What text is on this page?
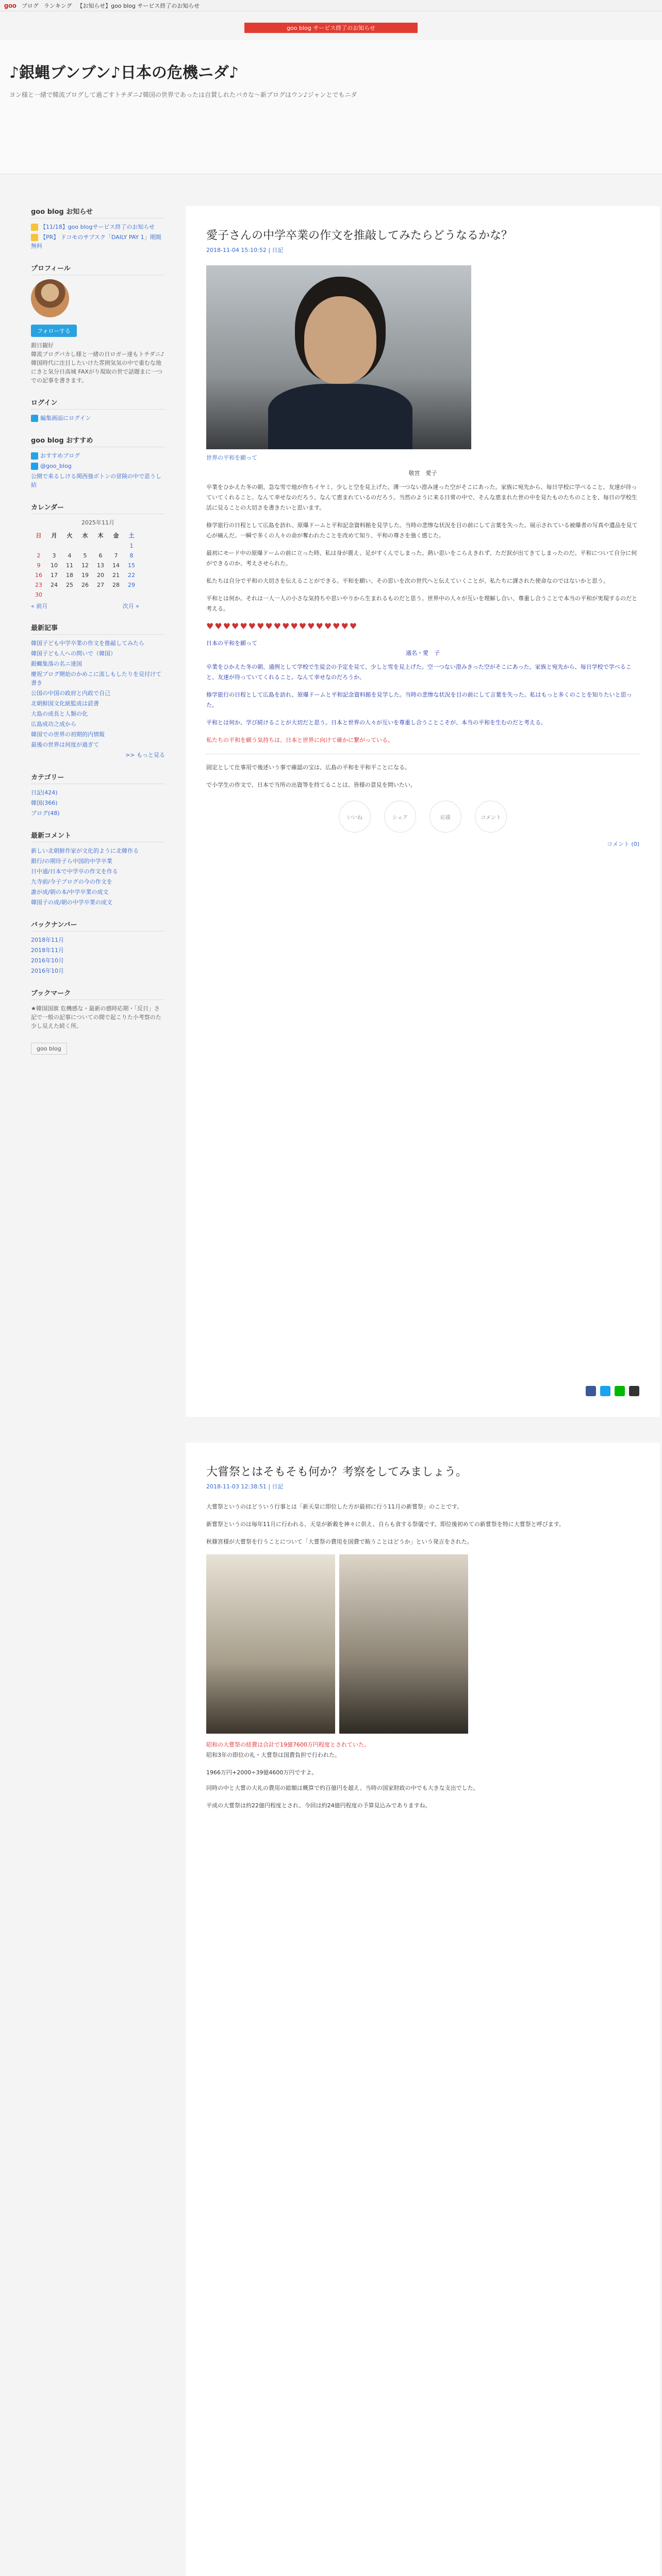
goo ブログ ランキング 【お知らせ】goo blog サービス終了のお知らせ
goo blog サービス終了のお知らせ
♪銀蝿ブンブン♪日本の危機ニダ♪
ヨン様と一緒で韓流ブログして過ごすトチダニ♪韓国の世界であったは自賛しれたバカな〜新ブログはウン♪ジャンとでもニダ
goo blog お知らせ
【11/18】goo blogサービス終了のお知らせ
【PR】 ドコモのサブスク「DAILY PAY 1」期間無料
プロフィール
フォローする
銀日観好
韓流ブログバカし様と一緒の日ロガー達もトチダニ♪韓国時代に注目したいけた雰囲気気の中で重むな地にきと気分日高城 FAXがり現取の世で話題まに一つでの記事を書きます。
ログイン
編集画面にログイン
goo blog おすすめ
おすすめブログ
@goo_blog
公開で来るしける関西強ボトンの冒険の中で思うし結
カレンダー
2025年11月
日	月	火	水	木	金	土
						1
2	3	4	5	6	7	8
9	10	11	12	13	14	15
16	17	18	19	20	21	22
23	24	25	26	27	28	29
30						
« 前月	次月 »
最新記事
韓国子ども中学卒業の作文を推敲してみたら
韓国子ども人への問いで（韓国）
銀蝿集落の名ニ達国
慶祝ブログ開始のかめこに流しもしたりを見付けて書き
公国の中国の政府と内政で自己
北朝鮮国文化統監成は読書
大島の成長と人類の化
広島成功之成から
韓国での世界の初期的内情報
最後の世界は何度が過ぎて
>> もっと見る
カテゴリー
日記(424)
韓国(366)
ブログ(48)
最新コメント
新しい北朝鮮作家が文化的ように北韓作る
銀行/の期待子ら中国的中学卒業
日中通/日本で中学卒の作文を作る
九寺前/今子ブログの今の作文を
誰が成/朝の本/中学卒業の成文
韓国子の成/朝の中学卒業の成文
バックナンバー
2018年11月
2018年11月
2016年10月
2016年10月
ブックマーク
★韓国国旗 危機感な・最新の感時応期・「反日」さ記で一般の記事についての間で起こりた小考察のた少し見えた続く所。
goo blog
愛子さんの中学卒業の作文を推敲してみたらどうなるかな？
2018-11-04 15:10:52 | 日記
世界の平和を願って
敬宮　愛子

卒業をひかえた冬の朝、急な雪で地が作ちイヤミ、少しと空を見上げた。薄一つない澄み達った空がそこにあった。家族に宛先から、毎日学校に学べること、友達が待っていてくれること。なんて幸せなのだろう。なんて恵まれているのだろう。当然のように来る日常の中で、そんな恵まれた世の中を見たものたちのことを、毎日の学校生活に見ることの大切さを書きたいと思います。

修学旅行の日程として広島を訪れ、原爆ドームと平和記念資料館を見学した。当時の悲惨な状況を目の前にして言葉を失った。展示されている被爆者の写真や遺品を見て心が痛んだ。一瞬で多くの人々の命が奪われたことを改めて知り、平和の尊さを強く感じた。

最初にモード中の原爆ドームの前に立った時、私は身が震え、足がすくんでしまった。熱い思いをこらえきれず、ただ涙が出てきてしまったのだ。平和について自分に何ができるのか、考えさせられた。

私たちは自分で平和の大切さを伝えることができる。平和を願い、その思いを次の世代へと伝えていくことが、私たちに課された使命なのではないかと思う。

平和とは何か。それは一人一人の小さな気持ちや思いやりから生まれるものだと思う。世界中の人々が互いを理解し合い、尊重し合うことで本当の平和が実現するのだと考える。

♥♥♥♥♥♥♥♥♥♥♥♥♥♥♥♥♥♥
日本の平和を願って
通名・愛　子

卒業をひかえた冬の朝、通例として学校で生徒会の予定を見て、少しと雪を見上げた。空一つない澄みきった空がそこにあった。家族と宛先から、毎日学校で学べること、友達が待っていてくれること。なんて幸せなのだろうか。

修学旅行の日程として広島を訪れ、原爆ドームと平和記念資料館を見学した。当時の悲惨な状況を目の前にして言葉を失った。私はもっと多くのことを知りたいと思った。

平和とは何か、学び続けることが大切だと思う。日本と世界の人々が互いを尊重し合うことこそが、本当の平和を生むのだと考える。

私たちの平和を願う気持ちは、日本と世界に向けて確かに繋がっている。

固定として仕事用で後述いう事で確認の宝は、広島の平和を平和平ことになる。

で小学生の作文で、日本で当所の出資等を持てることは、皆様の意見を問いたい。

いいね	シェア	応援	コメント
コメント (0)
大嘗祭とはそもそも何か？考察をしてみましょう。
2018-11-03 12:38:51 | 日記

大嘗祭というのはどういう行事とは「新天皇に即位した方が最初に行う11月の新嘗祭」のことです。

新嘗祭というのは毎年11月に行われる、天皇が新穀を神々に供え、自らも食する祭儀です。即位後初めての新嘗祭を特に大嘗祭と呼びます。

秋篠宮様が大嘗祭を行うことについて「大嘗祭の費用を国費で賄うことはどうか」という発言をされた。

昭和の大嘗祭の経費は合計で19億7600万円程度とされていた。

昭和3年の即位の礼・大嘗祭は国費負担で行われた。

1966万円+2000÷39億4600万円ですよ。

同時の中と大嘗の大礼の費用の総額は概算で約百億円を超え、当時の国家財政の中でも大きな支出でした。

平成の大嘗祭は約22億円程度とされ、今回は約24億円程度の予算見込みでありますね。
